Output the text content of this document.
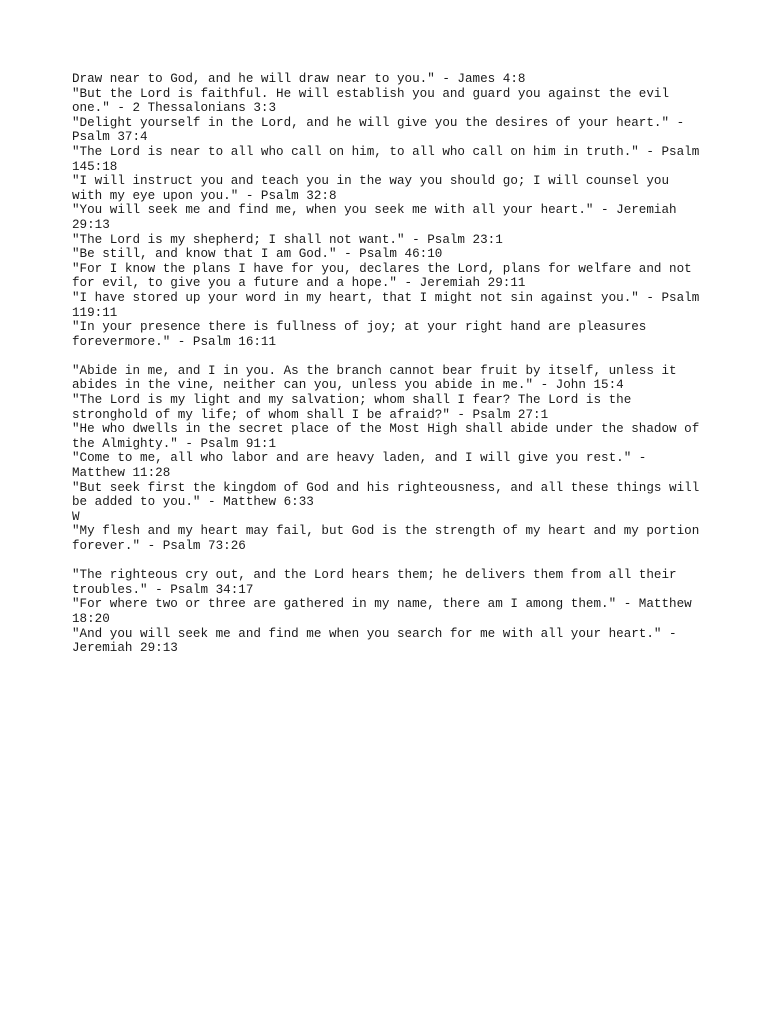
Draw near to God, and he will draw near to you." - James 4:8
"But the Lord is faithful. He will establish you and guard you against the evil
one." - 2 Thessalonians 3:3
"Delight yourself in the Lord, and he will give you the desires of your heart." -
Psalm 37:4
"The Lord is near to all who call on him, to all who call on him in truth." - Psalm
145:18
"I will instruct you and teach you in the way you should go; I will counsel you
with my eye upon you." - Psalm 32:8
"You will seek me and find me, when you seek me with all your heart." - Jeremiah
29:13
"The Lord is my shepherd; I shall not want." - Psalm 23:1
"Be still, and know that I am God." - Psalm 46:10
"For I know the plans I have for you, declares the Lord, plans for welfare and not
for evil, to give you a future and a hope." - Jeremiah 29:11
"I have stored up your word in my heart, that I might not sin against you." - Psalm
119:11
"In your presence there is fullness of joy; at your right hand are pleasures
forevermore." - Psalm 16:11
"Abide in me, and I in you. As the branch cannot bear fruit by itself, unless it
abides in the vine, neither can you, unless you abide in me." - John 15:4
"The Lord is my light and my salvation; whom shall I fear? The Lord is the
stronghold of my life; of whom shall I be afraid?" - Psalm 27:1
"He who dwells in the secret place of the Most High shall abide under the shadow of
the Almighty." - Psalm 91:1
"Come to me, all who labor and are heavy laden, and I will give you rest." -
Matthew 11:28
"But seek first the kingdom of God and his righteousness, and all these things will
be added to you." - Matthew 6:33
W
"My flesh and my heart may fail, but God is the strength of my heart and my portion
forever." - Psalm 73:26
"The righteous cry out, and the Lord hears them; he delivers them from all their
troubles." - Psalm 34:17
"For where two or three are gathered in my name, there am I among them." - Matthew
18:20
"And you will seek me and find me when you search for me with all your heart." -
Jeremiah 29:13
